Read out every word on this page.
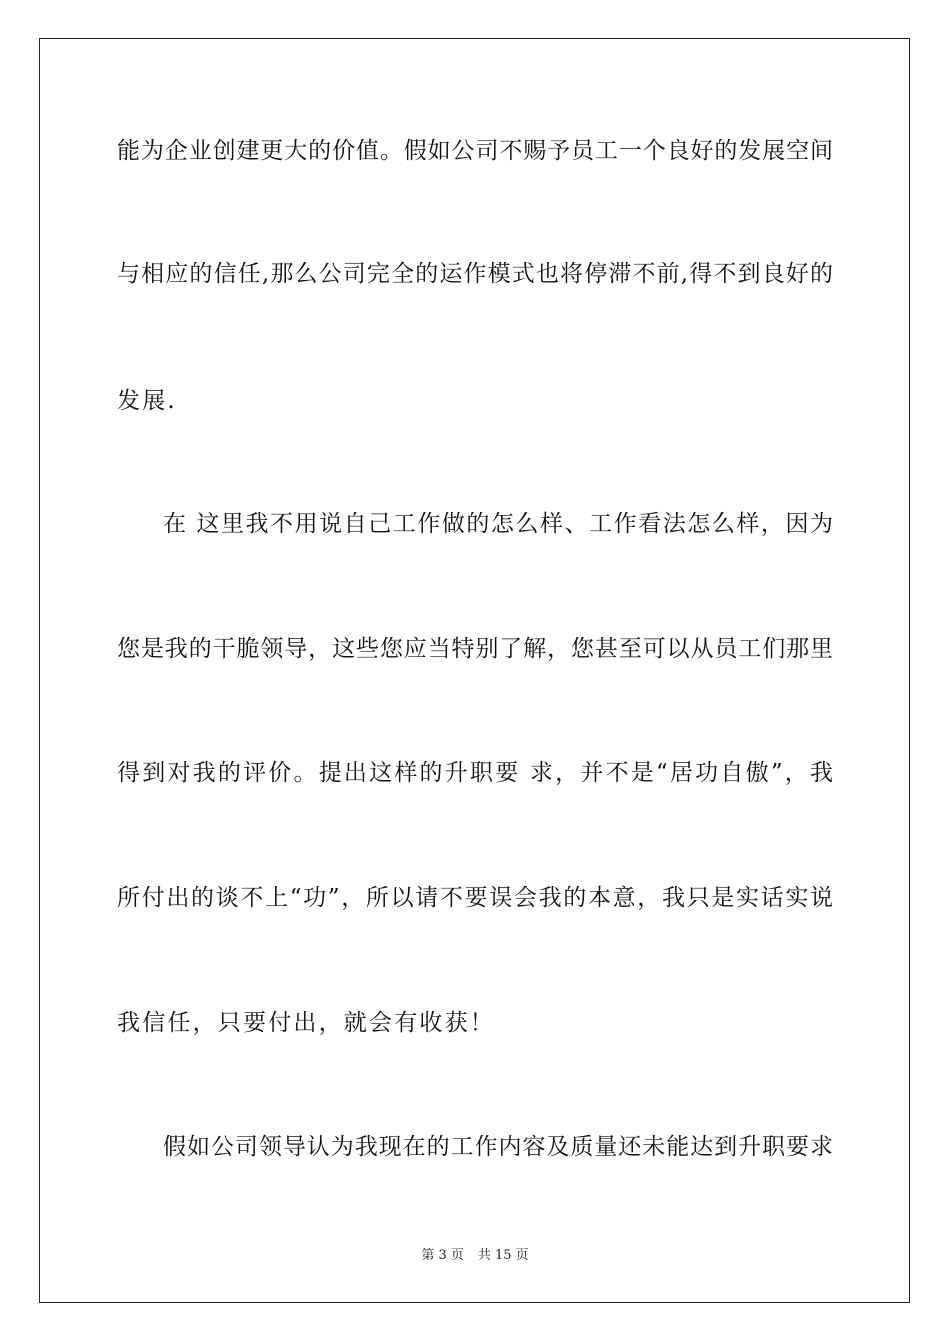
能为企业创建更大的价值。假如公司不赐予员工一个良好的发展空间
与相应的信任,那么公司完全的运作模式也将停滞不前,得不到良好的
发展.
在 这里我不用说自己工作做的怎么样、工作看法怎么样，因为
您是我的干脆领导，这些您应当特别了解，您甚至可以从员工们那里
得到对我的评价。提出这样的升职要 求，并不是“居功自傲”，我
所付出的谈不上“功”，所以请不要误会我的本意，我只是实话实说
我信任，只要付出，就会有收获！
假如公司领导认为我现在的工作内容及质量还未能达到升职要求
第 3 页 共 15 页
